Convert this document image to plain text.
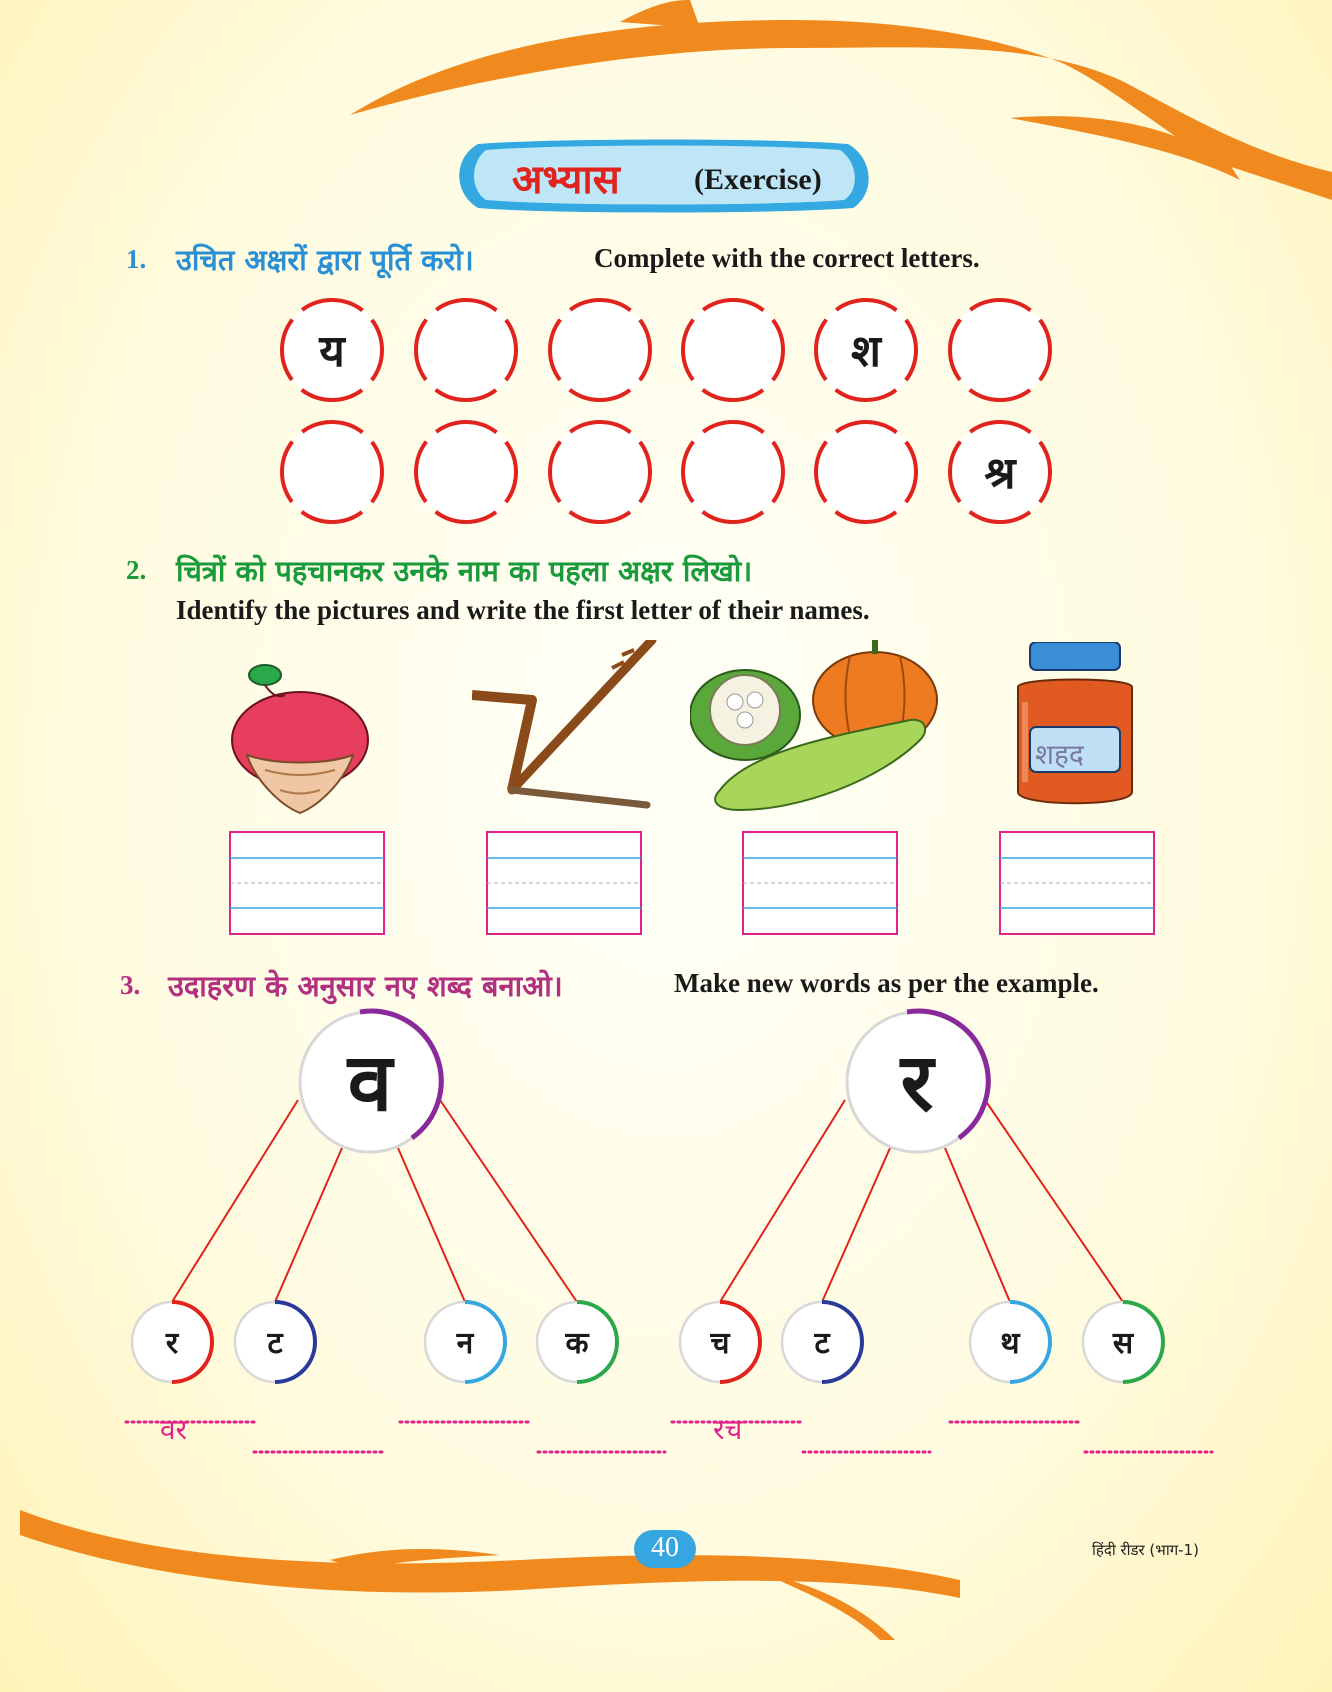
अभ्यास (Exercise)
1. उचित अक्षरों द्वारा पूर्ति करो।	Complete with the correct letters.
य	श
श्र
2. चित्रों को पहचानकर उनके नाम का पहला अक्षर लिखो।
Identify the pictures and write the first letter of their names.
शहद
3. उदाहरण के अनुसार नए शब्द बनाओ।	Make new words as per the example.
व
र	ट	न	क
र
च	ट	थ	स
वर	रच
40	हिंदी रीडर (भाग-1)
